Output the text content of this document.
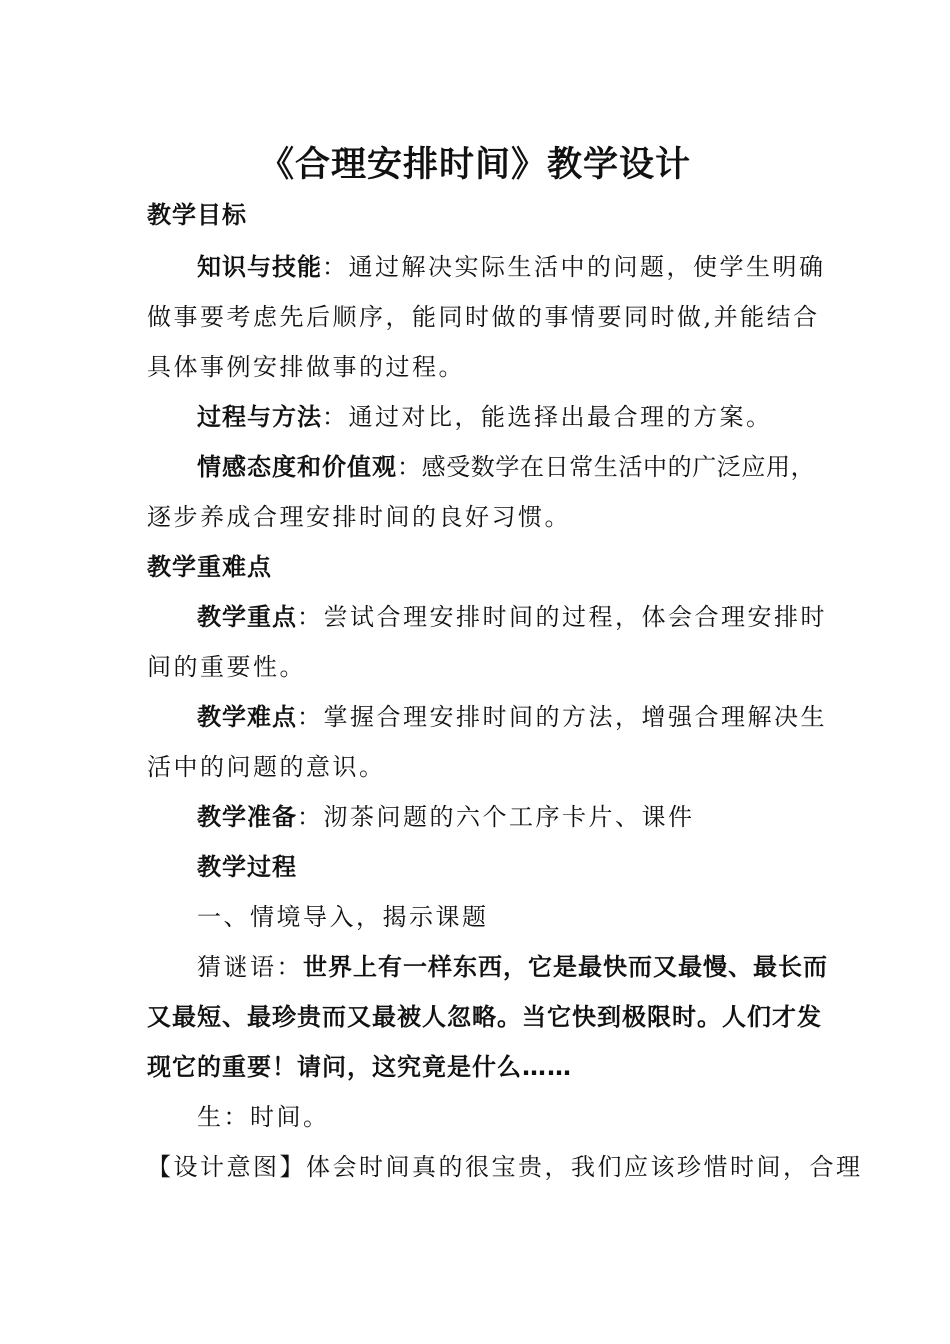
《合理安排时间》教学设计
教学目标
知识与技能：通过解决实际生活中的问题，使学生明确
做事要考虑先后顺序，能同时做的事情要同时做,并能结合
具体事例安排做事的过程。
过程与方法：通过对比，能选择出最合理的方案。
情感态度和价值观：感受数学在日常生活中的广泛应用，
逐步养成合理安排时间的良好习惯。
教学重难点
教学重点：尝试合理安排时间的过程，体会合理安排时
间的重要性。
教学难点：掌握合理安排时间的方法，增强合理解决生
活中的问题的意识。
教学准备：沏茶问题的六个工序卡片、课件
教学过程
一、情境导入，揭示课题
猜谜语：世界上有一样东西，它是最快而又最慢、最长而
又最短、最珍贵而又最被人忽略。当它快到极限时。人们才发
现它的重要！请问，这究竟是什么……
生：时间。
【设计意图】体会时间真的很宝贵，我们应该珍惜时间，合理
